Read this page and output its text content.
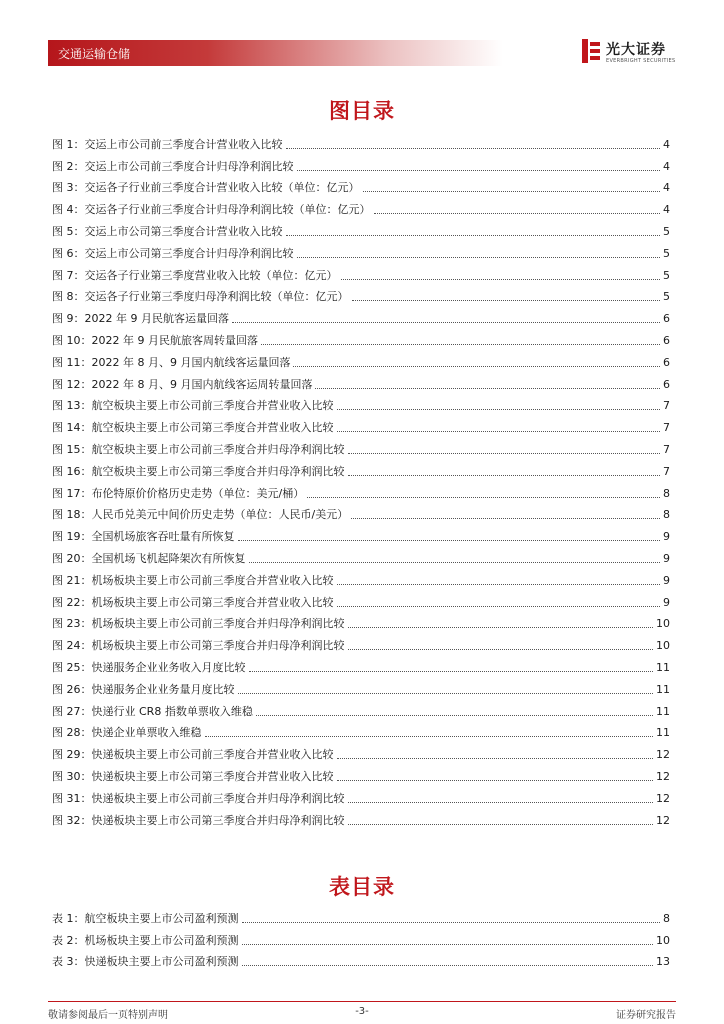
交通运输仓储	光大证券
EVERBRIGHT SECURITIES
图目录
图 1： 交运上市公司前三季度合计营业收入比较	4
图 2： 交运上市公司前三季度合计归母净利润比较	4
图 3： 交运各子行业前三季度合计营业收入比较（单位：亿元）	4
图 4： 交运各子行业前三季度合计归母净利润比较（单位：亿元）	4
图 5： 交运上市公司第三季度合计营业收入比较	5
图 6： 交运上市公司第三季度合计归母净利润比较	5
图 7： 交运各子行业第三季度营业收入比较（单位：亿元）	5
图 8： 交运各子行业第三季度归母净利润比较（单位：亿元）	5
图 9： 2022 年 9 月民航客运量回落	6
图 10： 2022 年 9 月民航旅客周转量回落	6
图 11： 2022 年 8 月、9 月国内航线客运量回落	6
图 12： 2022 年 8 月、9 月国内航线客运周转量回落	6
图 13： 航空板块主要上市公司前三季度合并营业收入比较	7
图 14： 航空板块主要上市公司第三季度合并营业收入比较	7
图 15： 航空板块主要上市公司前三季度合并归母净利润比较	7
图 16： 航空板块主要上市公司第三季度合并归母净利润比较	7
图 17： 布伦特原价价格历史走势（单位：美元/桶）	8
图 18： 人民币兑美元中间价历史走势（单位：人民币/美元）	8
图 19： 全国机场旅客吞吐量有所恢复	9
图 20： 全国机场飞机起降架次有所恢复	9
图 21： 机场板块主要上市公司前三季度合并营业收入比较	9
图 22： 机场板块主要上市公司第三季度合并营业收入比较	9
图 23： 机场板块主要上市公司前三季度合并归母净利润比较	10
图 24： 机场板块主要上市公司第三季度合并归母净利润比较	10
图 25： 快递服务企业业务收入月度比较	11
图 26： 快递服务企业业务量月度比较	11
图 27： 快递行业 CR8 指数单票收入维稳	11
图 28： 快递企业单票收入维稳	11
图 29： 快递板块主要上市公司前三季度合并营业收入比较	12
图 30： 快递板块主要上市公司第三季度合并营业收入比较	12
图 31： 快递板块主要上市公司前三季度合并归母净利润比较	12
图 32： 快递板块主要上市公司第三季度合并归母净利润比较	12
表目录
表 1： 航空板块主要上市公司盈利预测	8
表 2： 机场板块主要上市公司盈利预测	10
表 3： 快递板块主要上市公司盈利预测	13
敬请参阅最后一页特别声明	-3-	证券研究报告
